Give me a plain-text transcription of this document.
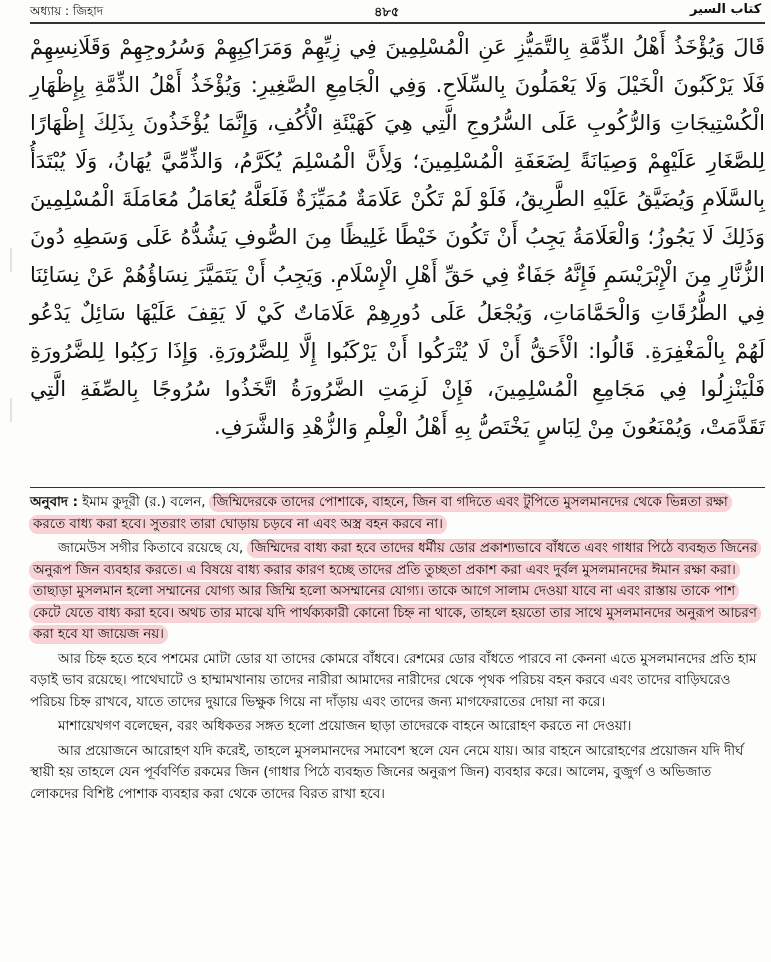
অধ্যায় : জিহাদ	৪৮৫	كتاب السير

قَالَ وَيُؤْخَذُ أَهْلُ الذِّمَّةِ بِالتَّمَيُّزِ عَنِ الْمُسْلِمِينَ فِي زِيِّهِمْ وَمَرَاكِبِهِمْ وَسُرُوجِهِمْ وَقَلَانِسِهِمْ فَلَا يَرْكَبُونَ الْخَيْلَ وَلَا يَعْمَلُونَ بِالسِّلَاحِ. وَفِي الْجَامِعِ الصَّغِيرِ: وَيُؤْخَذُ أَهْلُ الذِّمَّةِ بِإِظْهَارِ الْكُسْتِيجَاتِ وَالرُّكُوبِ عَلَى السُّرُوجِ الَّتِي هِيَ كَهَيْئَةِ الْأُكُفِ، وَإِنَّمَا يُؤْخَذُونَ بِذَلِكَ إِظْهَارًا لِلصَّغَارِ عَلَيْهِمْ وَصِيَانَةً لِضَعَفَةِ الْمُسْلِمِينَ؛ وَلِأَنَّ الْمُسْلِمَ يُكَرَّمُ، وَالذِّمِّيَّ يُهَانُ، وَلَا يُبْتَدَأُ بِالسَّلَامِ وَيُضَيَّقُ عَلَيْهِ الطَّرِيقُ، فَلَوْ لَمْ تَكُنْ عَلَامَةٌ مُمَيِّزَةٌ فَلَعَلَّهُ يُعَامَلُ مُعَامَلَةَ الْمُسْلِمِينَ وَذَلِكَ لَا يَجُوزُ؛ وَالْعَلَامَةُ يَجِبُ أَنْ تَكُونَ خَيْطًا غَلِيظًا مِنَ الصُّوفِ يَشُدُّهُ عَلَى وَسَطِهِ دُونَ الزُّنَّارِ مِنَ الْإِبْرَيْسَمِ فَإِنَّهُ جَفَاءٌ فِي حَقِّ أَهْلِ الْإِسْلَامِ. وَيَجِبُ أَنْ يَتَمَيَّزَ نِسَاؤُهُمْ عَنْ نِسَائِنَا فِي الطُّرُقَاتِ وَالْحَمَّامَاتِ، وَيُجْعَلُ عَلَى دُورِهِمْ عَلَامَاتٌ كَيْ لَا يَقِفَ عَلَيْهَا سَائِلٌ يَدْعُو لَهُمْ بِالْمَغْفِرَةِ. قَالُوا: الْأَحَقُّ أَنْ لَا يُتْرَكُوا أَنْ يَرْكَبُوا إِلَّا لِلضَّرُورَةِ. وَإِذَا رَكِبُوا لِلضَّرُورَةِ فَلْيَنْزِلُوا فِي مَجَامِعِ الْمُسْلِمِينَ، فَإِنْ لَزِمَتِ الضَّرُورَةُ اتَّخَذُوا سُرُوجًا بِالصِّفَةِ الَّتِي تَقَدَّمَتْ، وَيُمْنَعُونَ مِنْ لِبَاسٍ يَخْتَصُّ بِهِ أَهْلُ الْعِلْمِ وَالزُّهْدِ وَالشَّرَفِ.

অনুবাদ : ইমাম কুদূরী (র.) বলেন, জিম্মিদেরকে তাদের পোশাকে, বাহনে, জিন বা গদিতে এবং টুপিতে মুসলমানদের থেকে ভিন্নতা রক্ষা করতে বাধ্য করা হবে। সুতরাং তারা ঘোড়ায় চড়বে না এবং অস্ত্র বহন করবে না।

জামেউস সগীর কিতাবে রয়েছে যে, জিম্মিদের বাধ্য করা হবে তাদের ধর্মীয় ডোর প্রকাশ্যভাবে বাঁধতে এবং গাধার পিঠে ব্যবহৃত জিনের অনুরূপ জিন ব্যবহার করতে। এ বিষয়ে বাধ্য করার কারণ হচ্ছে তাদের প্রতি তুচ্ছতা প্রকাশ করা এবং দুর্বল মুসলমানদের ঈমান রক্ষা করা। তাছাড়া মুসলমান হলো সম্মানের যোগ্য আর জিম্মি হলো অসম্মানের যোগ্য। তাকে আগে সালাম দেওয়া যাবে না এবং রাস্তায় তাকে পাশ কেটে যেতে বাধ্য করা হবে। অথচ তার মাঝে যদি পার্থক্যকারী কোনো চিহ্ন না থাকে, তাহলে হয়তো তার সাথে মুসলমানদের অনুরূপ আচরণ করা হবে যা জায়েজ নয়।

আর চিহ্ন হতে হবে পশমের মোটা ডোর যা তাদের কোমরে বাঁধবে। রেশমের ডোর বাঁধতে পারবে না কেননা এতে মুসলমানদের প্রতি হাম বড়াই ভাব রয়েছে। পাথেঘাটে ও হাম্মামখানায় তাদের নারীরা আমাদের নারীদের থেকে পৃথক পরিচয় বহন করবে এবং তাদের বাড়িঘরেও পরিচয় চিহ্ন রাখবে, যাতে তাদের দুয়ারে ভিক্ষুক গিয়ে না দাঁড়ায় এবং তাদের জন্য মাগফেরাতের দোয়া না করে।

মাশায়েখগণ বলেছেন, বরং অধিকতর সঙ্গত হলো প্রয়োজন ছাড়া তাদেরকে বাহনে আরোহণ করতে না দেওয়া।

আর প্রয়োজনে আরোহণ যদি করেই, তাহলে মুসলমানদের সমাবেশ স্থলে যেন নেমে যায়। আর বাহনে আরোহণের প্রয়োজন যদি দীর্ঘ স্থায়ী হয় তাহলে যেন পূর্ববর্ণিত রকমের জিন (গাধার পিঠে ব্যবহৃত জিনের অনুরূপ জিন) ব্যবহার করে। আলেম, বুজুর্গ ও অভিজাত লোকদের বিশিষ্ট পোশাক ব্যবহার করা থেকে তাদের বিরত রাখা হবে।
